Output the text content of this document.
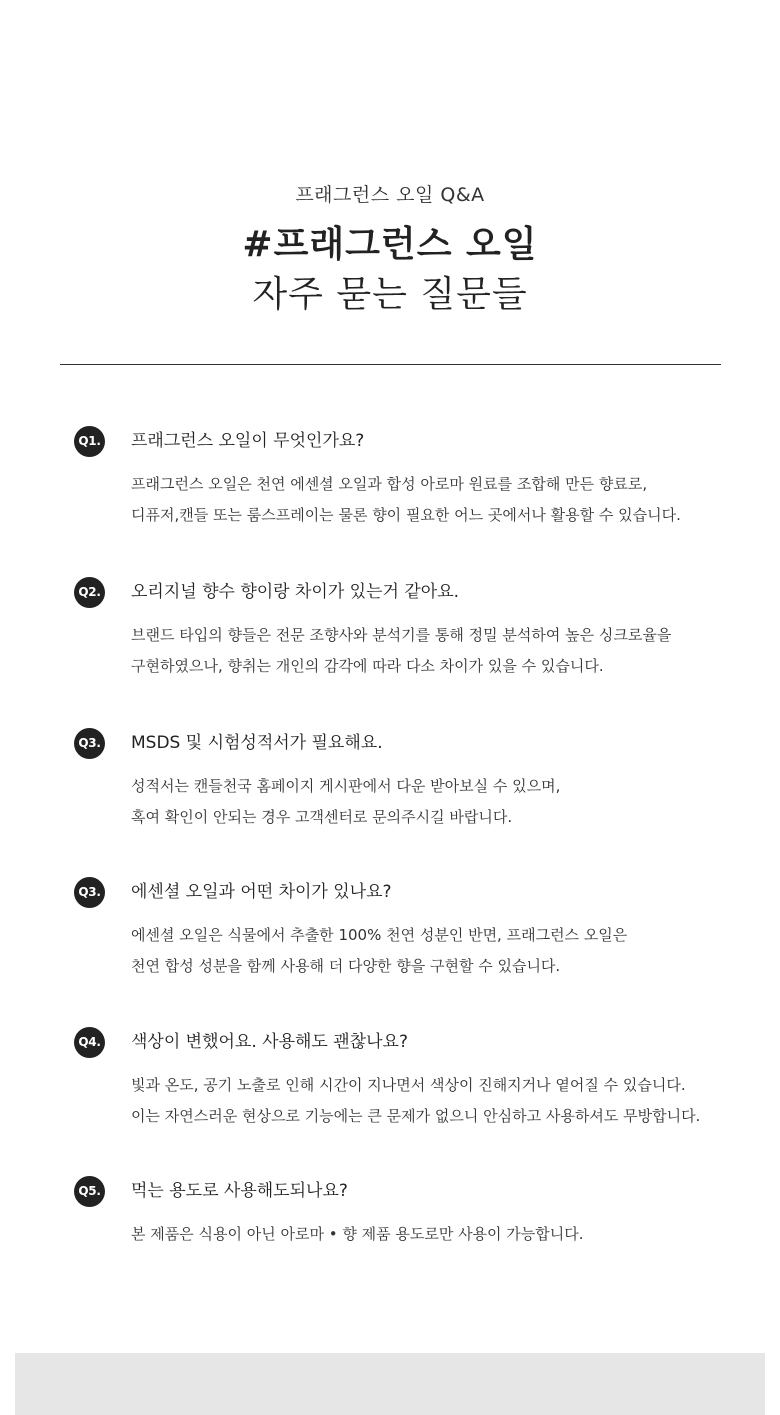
프래그런스 오일 Q&A
#프래그런스 오일
자주 묻는 질문들
Q1. 프래그런스 오일이 무엇인가요?
프래그런스 오일은 천연 에센셜 오일과 합성 아로마 원료를 조합해 만든 향료로,
디퓨저,캔들 또는 룸스프레이는 물론 향이 필요한 어느 곳에서나 활용할 수 있습니다.
Q2. 오리지널 향수 향이랑 차이가 있는거 같아요.
브랜드 타입의 향들은 전문 조향사와 분석기를 통해 정밀 분석하여 높은 싱크로율을
구현하였으나, 향취는 개인의 감각에 따라 다소 차이가 있을 수 있습니다.
Q3. MSDS 및 시험성적서가 필요해요.
성적서는 캔들천국 홈페이지 게시판에서 다운 받아보실 수 있으며,
혹여 확인이 안되는 경우 고객센터로 문의주시길 바랍니다.
Q3. 에센셜 오일과 어떤 차이가 있나요?
에센셜 오일은 식물에서 추출한 100% 천연 성분인 반면, 프래그런스 오일은
천연 합성 성분을 함께 사용해 더 다양한 향을 구현할 수 있습니다.
Q4. 색상이 변했어요. 사용해도 괜찮나요?
빛과 온도, 공기 노출로 인해 시간이 지나면서 색상이 진해지거나 옅어질 수 있습니다.
이는 자연스러운 현상으로 기능에는 큰 문제가 없으니 안심하고 사용하셔도 무방합니다.
Q5. 먹는 용도로 사용해도되나요?
본 제품은 식용이 아닌 아로마 • 향 제품 용도로만 사용이 가능합니다.
